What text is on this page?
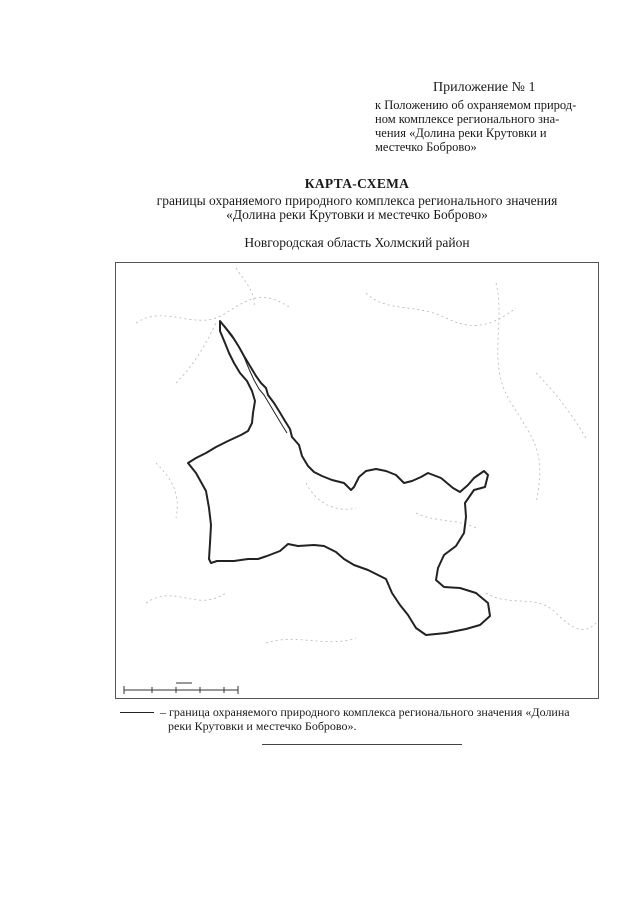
Приложение № 1
к Положению об охраняемом природ-
ном комплексе регионального зна-
чения «Долина реки Крутовки и
местечко Боброво»
КАРТА-СХЕМА
границы охраняемого природного комплекса регионального значения
«Долина реки Крутовки и местечко Боброво»
Новгородская область Холмский район
– граница охраняемого природного комплекса регионального значения «Долина
реки Крутовки и местечко Боброво».
